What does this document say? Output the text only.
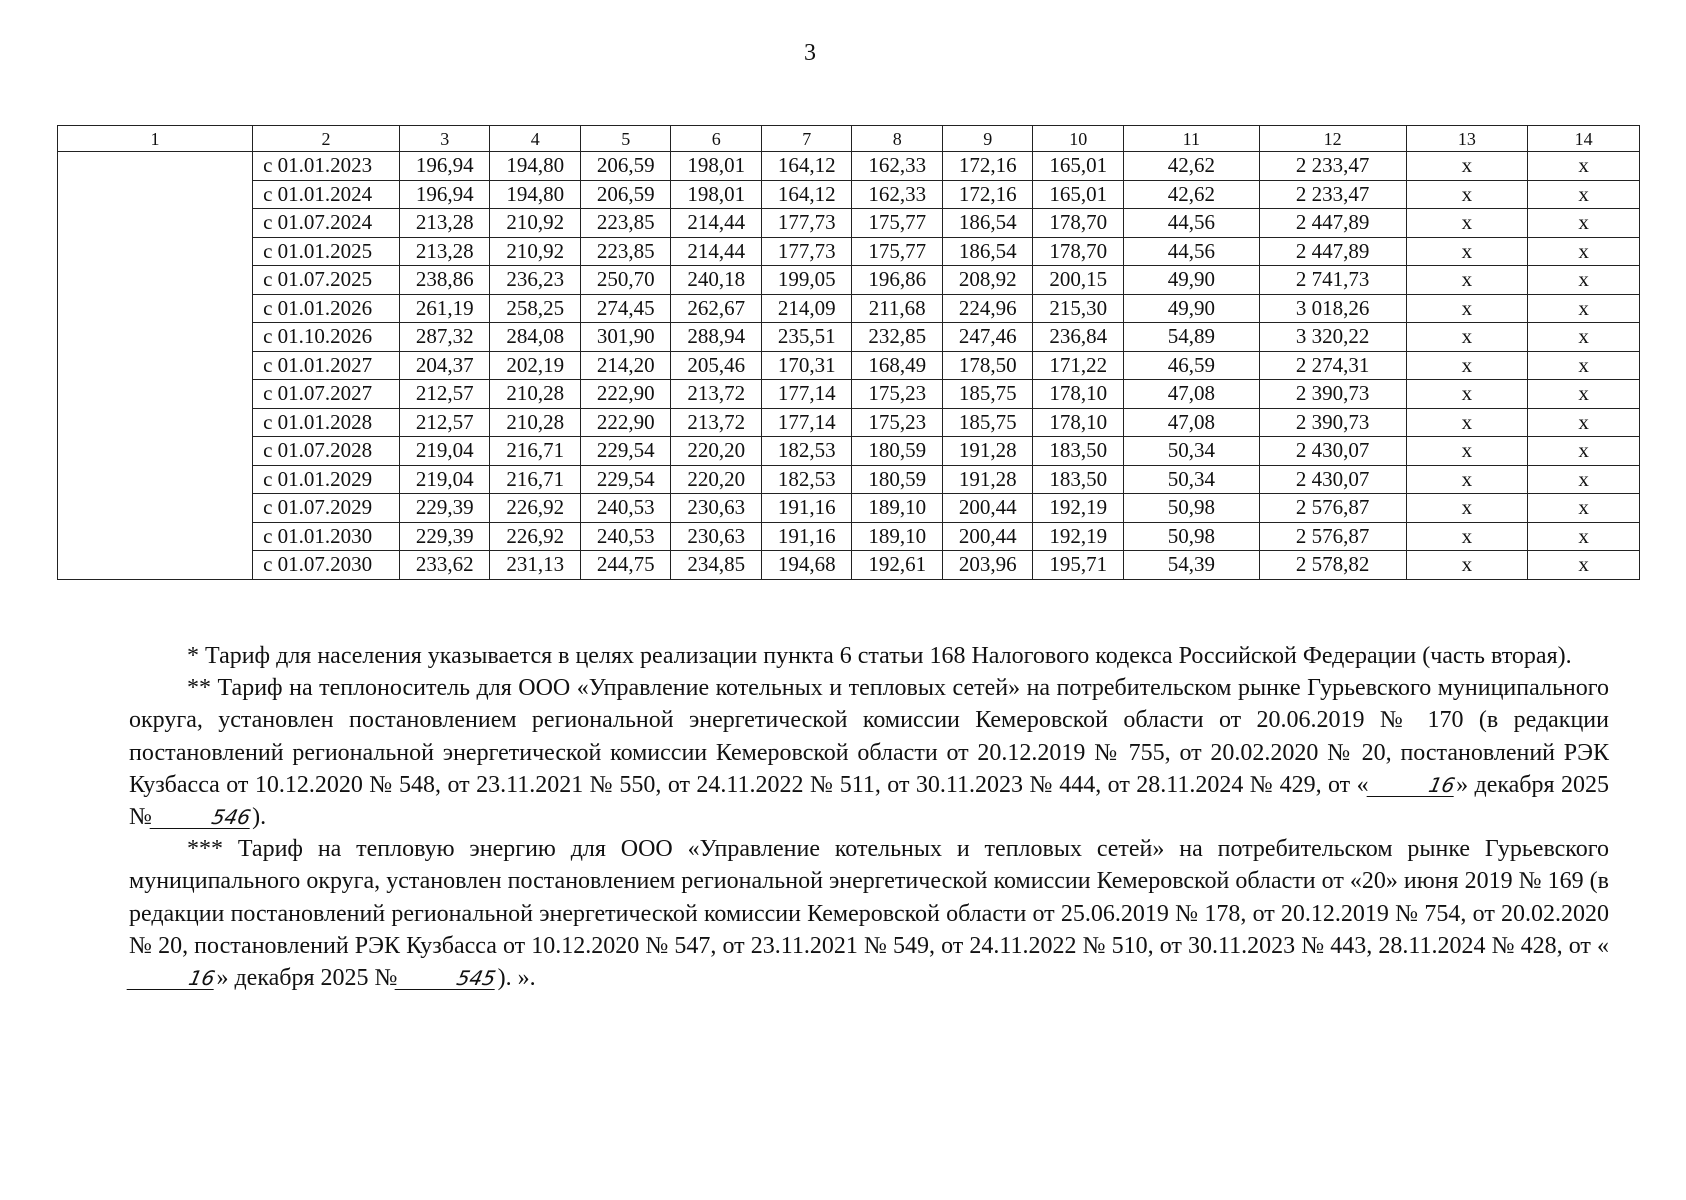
3
1	2	3	4	5	6	7	8	9	10	11	12	13	14
	с 01.01.2023	196,94	194,80	206,59	198,01	164,12	162,33	172,16	165,01	42,62	2 233,47	х	х
	с 01.01.2024	196,94	194,80	206,59	198,01	164,12	162,33	172,16	165,01	42,62	2 233,47	х	х
	с 01.07.2024	213,28	210,92	223,85	214,44	177,73	175,77	186,54	178,70	44,56	2 447,89	х	х
	с 01.01.2025	213,28	210,92	223,85	214,44	177,73	175,77	186,54	178,70	44,56	2 447,89	х	х
	с 01.07.2025	238,86	236,23	250,70	240,18	199,05	196,86	208,92	200,15	49,90	2 741,73	х	х
	с 01.01.2026	261,19	258,25	274,45	262,67	214,09	211,68	224,96	215,30	49,90	3 018,26	х	х
	с 01.10.2026	287,32	284,08	301,90	288,94	235,51	232,85	247,46	236,84	54,89	3 320,22	х	х
	с 01.01.2027	204,37	202,19	214,20	205,46	170,31	168,49	178,50	171,22	46,59	2 274,31	х	х
	с 01.07.2027	212,57	210,28	222,90	213,72	177,14	175,23	185,75	178,10	47,08	2 390,73	х	х
	с 01.01.2028	212,57	210,28	222,90	213,72	177,14	175,23	185,75	178,10	47,08	2 390,73	х	х
	с 01.07.2028	219,04	216,71	229,54	220,20	182,53	180,59	191,28	183,50	50,34	2 430,07	х	х
	с 01.01.2029	219,04	216,71	229,54	220,20	182,53	180,59	191,28	183,50	50,34	2 430,07	х	х
	с 01.07.2029	229,39	226,92	240,53	230,63	191,16	189,10	200,44	192,19	50,98	2 576,87	х	х
	с 01.01.2030	229,39	226,92	240,53	230,63	191,16	189,10	200,44	192,19	50,98	2 576,87	х	х
	с 01.07.2030	233,62	231,13	244,75	234,85	194,68	192,61	203,96	195,71	54,39	2 578,82	х	х

* Тариф для населения указывается в целях реализации пункта 6 статьи 168 Налогового кодекса Российской Федерации (часть вторая).

** Тариф на теплоноситель для ООО «Управление котельных и тепловых сетей» на потребительском рынке Гурьевского муниципального округа, установлен постановлением региональной энергетической комиссии Кемеровской области от 20.06.2019 № 170 (в редакции постановлений региональной энергетической комиссии Кемеровской области от 20.12.2019 № 755, от 20.02.2020 № 20, постановлений РЭК Кузбасса от 10.12.2020 № 548, от 23.11.2021 № 550, от 24.11.2022 № 511, от 30.11.2023 № 444, от 28.11.2024 № 429, от «	16» декабря 2025 №	546).

*** Тариф на тепловую энергию для ООО «Управление котельных и тепловых сетей» на потребительском рынке Гурьевского муниципального округа, установлен постановлением региональной энергетической комиссии Кемеровской области от «20» июня 2019 № 169 (в редакции постановлений региональной энергетической комиссии Кемеровской области от 25.06.2019 № 178, от 20.12.2019 № 754, от 20.02.2020 № 20, постановлений РЭК Кузбасса от 10.12.2020 № 547, от 23.11.2021 № 549, от 24.11.2022 № 510, от 30.11.2023 № 443, 28.11.2024 № 428, от «16» декабря 2025 №	545). ».
